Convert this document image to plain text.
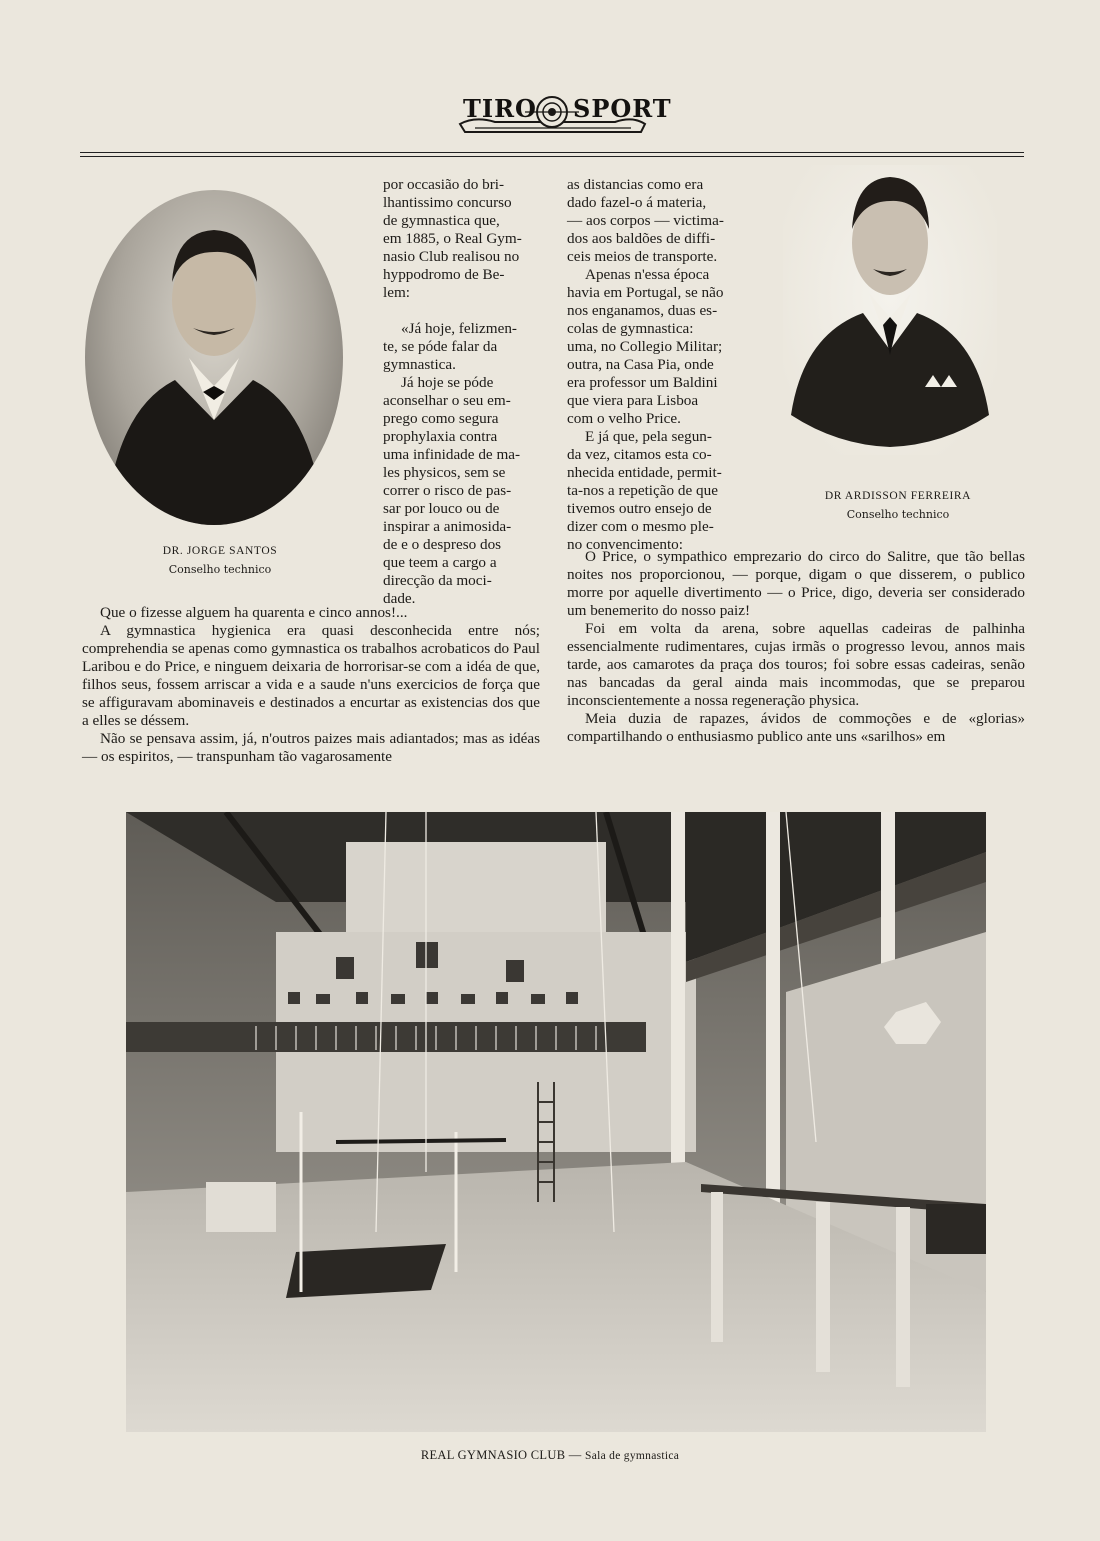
TIRO SPORT
DR. JORGE SANTOS
Conselho technico
DR ARDISSON FERREIRA
Conselho technico

por occasião do bri-

lhantissimo concurso

de gymnastica que,

em 1885, o Real Gym-

nasio Club realisou no

hyppodromo de Be-

lem:

«Já hoje, felizmen-

te, se póde falar da

gymnastica.

Já hoje se póde

aconselhar o seu em-

prego como segura

prophylaxia contra

uma infinidade de ma-

les physicos, sem se

correr o risco de pas-

sar por louco ou de

inspirar a animosida-

de e o despreso dos

que teem a cargo a

direcção da moci-

dade.

as distancias como era

dado fazel-o á materia,

— aos corpos — victima-

dos aos baldões de diffi-

ceis meios de transporte.

Apenas n'essa época

havia em Portugal, se não

nos enganamos, duas es-

colas de gymnastica:

uma, no Collegio Militar;

outra, na Casa Pia, onde

era professor um Baldini

que viera para Lisboa

com o velho Price.

E já que, pela segun-

da vez, citamos esta co-

nhecida entidade, permit-

ta-nos a repetição de que

tivemos outro ensejo de

dizer com o mesmo ple-

no convencimento:

Que o fizesse alguem ha quarenta e cinco annos!...

A gymnastica hygienica era quasi desconhecida entre nós; comprehendia se apenas como gymnastica os trabalhos acrobaticos do Paul Laribou e do Price, e ninguem deixaria de horrorisar-se com a idéa de que, filhos seus, fossem arriscar a vida e a saude n'uns exercicios de força que se affiguravam abominaveis e destinados a encurtar as existencias dos que a elles se déssem.

Não se pensava assim, já, n'outros paizes mais adiantados; mas as idéas — os espiritos, — transpunham tão vagarosamente

O Price, o sympathico emprezario do circo do Salitre, que tão bellas noites nos proporcionou, — porque, digam o que disserem, o publico morre por aquelle divertimento — o Price, digo, deveria ser considerado um benemerito do nosso paiz!

Foi em volta da arena, sobre aquellas cadeiras de palhinha essencialmente rudimentares, cujas irmãs o progresso levou, annos mais tarde, aos camarotes da praça dos touros; foi sobre essas cadeiras, senão nas bancadas da geral ainda mais incommodas, que se preparou inconscientemente a nossa regeneração physica.

Meia duzia de rapazes, ávidos de commoções e de «glorias» compartilhando o enthusiasmo publico ante uns «sarilhos» em

REAL GYMNASIO CLUB — Sala de gymnastica
